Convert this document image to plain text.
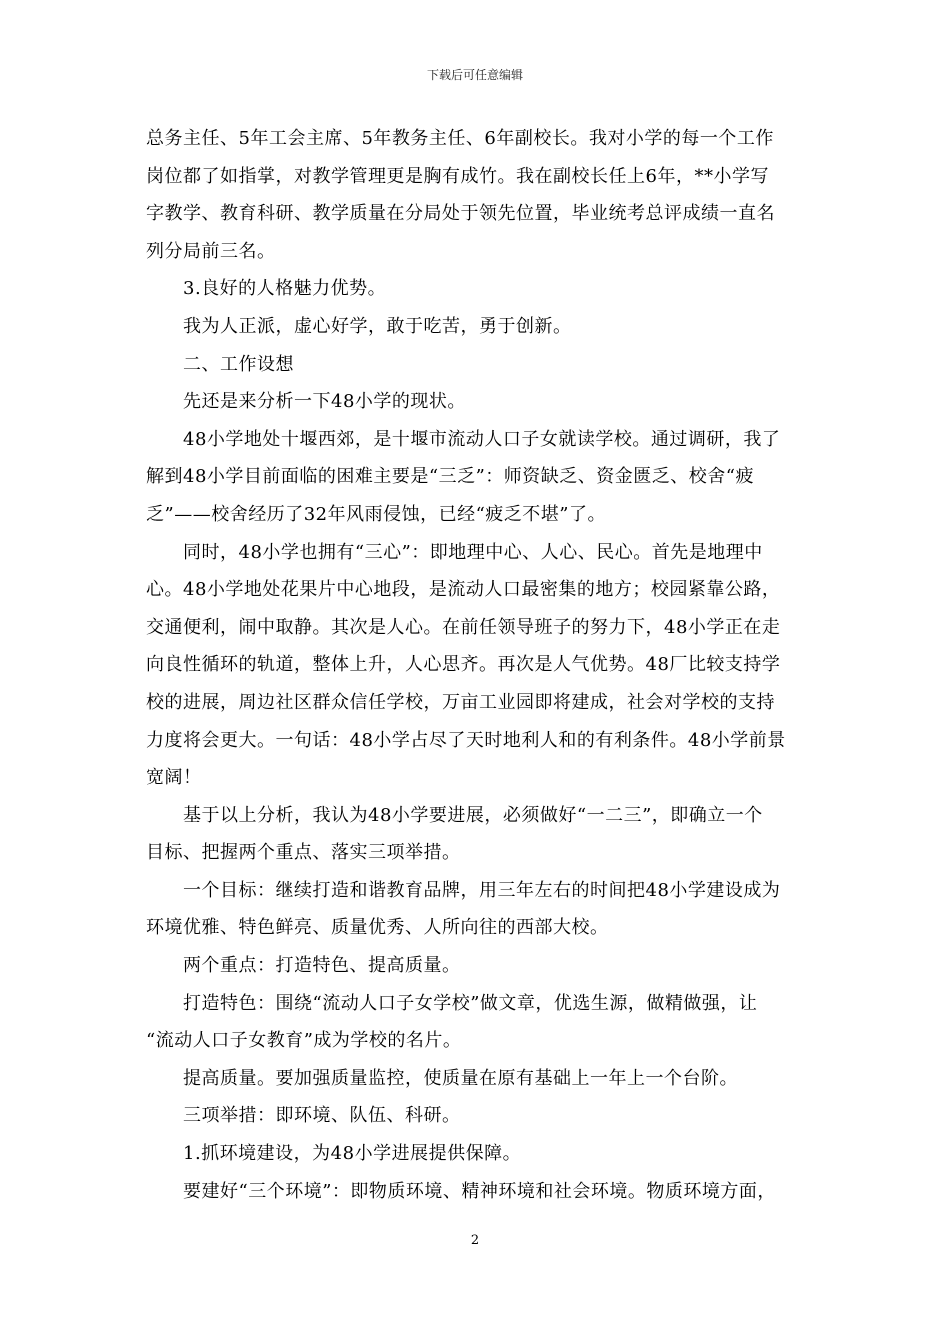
下载后可任意编辑

总务主任、5年工会主席、5年教务主任、6年副校长。我对小学的每一个工作

岗位都了如指掌，对教学管理更是胸有成竹。我在副校长任上6年，**小学写

字教学、教育科研、教学质量在分局处于领先位置，毕业统考总评成绩一直名

列分局前三名。

3.良好的人格魅力优势。

我为人正派，虚心好学，敢于吃苦，勇于创新。

二、工作设想

先还是来分析一下48小学的现状。

48小学地处十堰西郊，是十堰市流动人口子女就读学校。通过调研，我了

解到48小学目前面临的困难主要是“三乏”：师资缺乏、资金匮乏、校舍“疲

乏”——校舍经历了32年风雨侵蚀，已经“疲乏不堪”了。

同时，48小学也拥有“三心”：即地理中心、人心、民心。首先是地理中

心。48小学地处花果片中心地段，是流动人口最密集的地方；校园紧靠公路，

交通便利，闹中取静。其次是人心。在前任领导班子的努力下，48小学正在走

向良性循环的轨道，整体上升，人心思齐。再次是人气优势。48厂比较支持学

校的进展，周边社区群众信任学校，万亩工业园即将建成，社会对学校的支持

力度将会更大。一句话：48小学占尽了天时地利人和的有利条件。48小学前景

宽阔！

基于以上分析，我认为48小学要进展，必须做好“一二三”，即确立一个

目标、把握两个重点、落实三项举措。

一个目标：继续打造和谐教育品牌，用三年左右的时间把48小学建设成为

环境优雅、特色鲜亮、质量优秀、人所向往的西部大校。

两个重点：打造特色、提高质量。

打造特色：围绕“流动人口子女学校”做文章，优选生源，做精做强，让

“流动人口子女教育”成为学校的名片。

提高质量。要加强质量监控，使质量在原有基础上一年上一个台阶。

三项举措：即环境、队伍、科研。

1.抓环境建设，为48小学进展提供保障。

要建好“三个环境”：即物质环境、精神环境和社会环境。物质环境方面，

2
